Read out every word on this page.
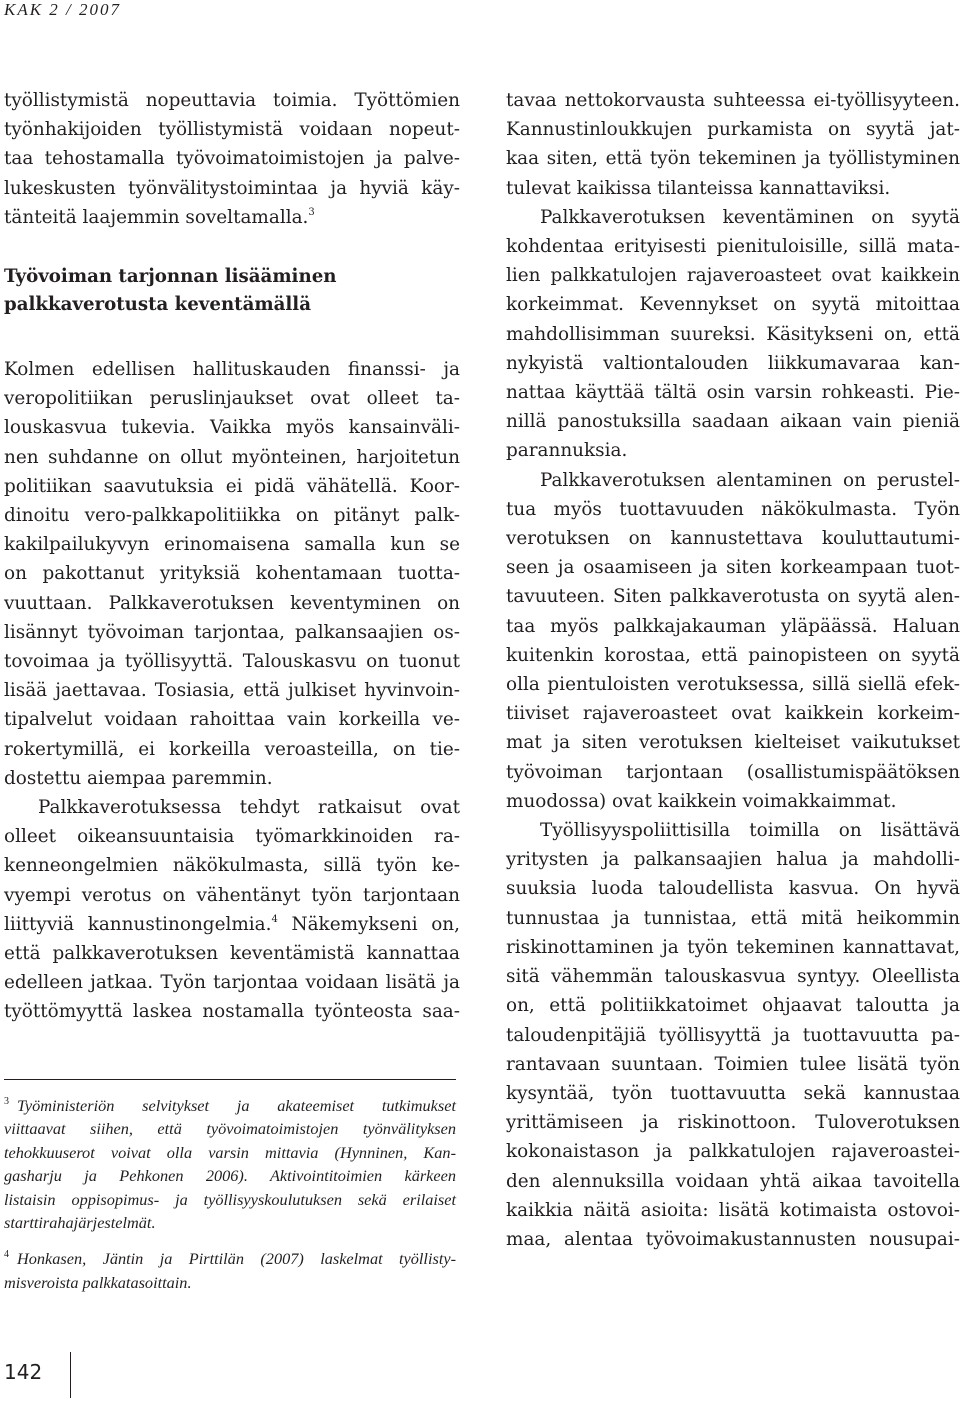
KAK 2 / 2007

työllistymistä nopeuttavia toimia. Työttömien
työnhakijoiden työllistymistä voidaan nopeut-
taa tehostamalla työvoimatoimistojen ja palve-
lukeskusten työnvälitystoimintaa ja hyviä käy-
tänteitä laajemmin soveltamalla.$^3$

Työvoiman tarjonnan lisääminen
palkkaverotusta keventämällä

Kolmen edellisen hallituskauden finanssi- ja
veropolitiikan peruslinjaukset ovat olleet ta-
louskasvua tukevia. Vaikka myös kansainväli-
nen suhdanne on ollut myönteinen, harjoitetun
politiikan saavutuksia ei pidä vähätellä. Koor-
dinoitu vero-palkkapolitiikka on pitänyt palk-
kakilpailukyvyn erinomaisena samalla kun se
on pakottanut yrityksiä kohentamaan tuotta-
vuuttaan. Palkkaverotuksen keventyminen on
lisännyt työvoiman tarjontaa, palkansaajien os-
tovoimaa ja työllisyyttä. Talouskasvu on tuonut
lisää jaettavaa. Tosiasia, että julkiset hyvinvoin-
tipalvelut voidaan rahoittaa vain korkeilla ve-
rokertymillä, ei korkeilla veroasteilla, on tie-
dostettu aiempaa paremmin.

Palkkaverotuksessa tehdyt ratkaisut ovat
olleet oikeansuuntaisia työmarkkinoiden ra-
kenneongelmien näkökulmasta, sillä työn ke-
vyempi verotus on vähentänyt työn tarjontaan
liittyviä kannustinongelmia.$^4$ Näkemykseni on,
että palkkaverotuksen keventämistä kannattaa
edelleen jatkaa. Työn tarjontaa voidaan lisätä ja
työttömyyttä laskea nostamalla työnteosta saa-

tavaa nettokorvausta suhteessa ei-työllisyyteen.
Kannustinloukkujen purkamista on syytä jat-
kaa siten, että työn tekeminen ja työllistyminen
tulevat kaikissa tilanteissa kannattaviksi.

Palkkaverotuksen keventäminen on syytä
kohdentaa erityisesti pienituloisille, sillä mata-
lien palkkatulojen rajaveroasteet ovat kaikkein
korkeimmat. Kevennykset on syytä mitoittaa
mahdollisimman suureksi. Käsitykseni on, että
nykyistä valtiontalouden liikkumavaraa kan-
nattaa käyttää tältä osin varsin rohkeasti. Pie-
nillä panostuksilla saadaan aikaan vain pieniä
parannuksia.

Palkkaverotuksen alentaminen on perustel-
tua myös tuottavuuden näkökulmasta. Työn
verotuksen on kannustettava kouluttautumi-
seen ja osaamiseen ja siten korkeampaan tuot-
tavuuteen. Siten palkkaverotusta on syytä alen-
taa myös palkkajakauman yläpäässä. Haluan
kuitenkin korostaa, että painopisteen on syytä
olla pientuloisten verotuksessa, sillä siellä efek-
tiiviset rajaveroasteet ovat kaikkein korkeim-
mat ja siten verotuksen kielteiset vaikutukset
työvoiman tarjontaan (osallistumispäätöksen
muodossa) ovat kaikkein voimakkaimmat.

Työllisyyspoliittisilla toimilla on lisättävä
yritysten ja palkansaajien halua ja mahdolli-
suuksia luoda taloudellista kasvua. On hyvä
tunnustaa ja tunnistaa, että mitä heikommin
riskinottaminen ja työn tekeminen kannattavat,
sitä vähemmän talouskasvua syntyy. Oleellista
on, että politiikkatoimet ohjaavat taloutta ja
taloudenpitäjiä työllisyyttä ja tuottavuutta pa-
rantavaan suuntaan. Toimien tulee lisätä työn
kysyntää, työn tuottavuutta sekä kannustaa
yrittämiseen ja riskinottoon. Tuloverotuksen
kokonaistason ja palkkatulojen rajaveroastei-
den alennuksilla voidaan yhtä aikaa tavoitella
kaikkia näitä asioita: lisätä kotimaista ostovoi-
maa, alentaa työvoimakustannusten nousupai-

$^3$ Työministeriön selvitykset ja akateemiset tutkimukset
viittaavat siihen, että työvoimatoimistojen työnvälityksen
tehokkuuserot voivat olla varsin mittavia (Hynninen, Kan-
gasharju ja Pehkonen 2006). Aktivointitoimien kärkeen
listaisin oppisopimus- ja työllisyyskoulutuksen sekä erilaiset
starttirahajärjestelmät.
$^4$ Honkasen, Jäntin ja Pirttilän (2007) laskelmat työllisty-
misveroista palkkatasoittain.
142
